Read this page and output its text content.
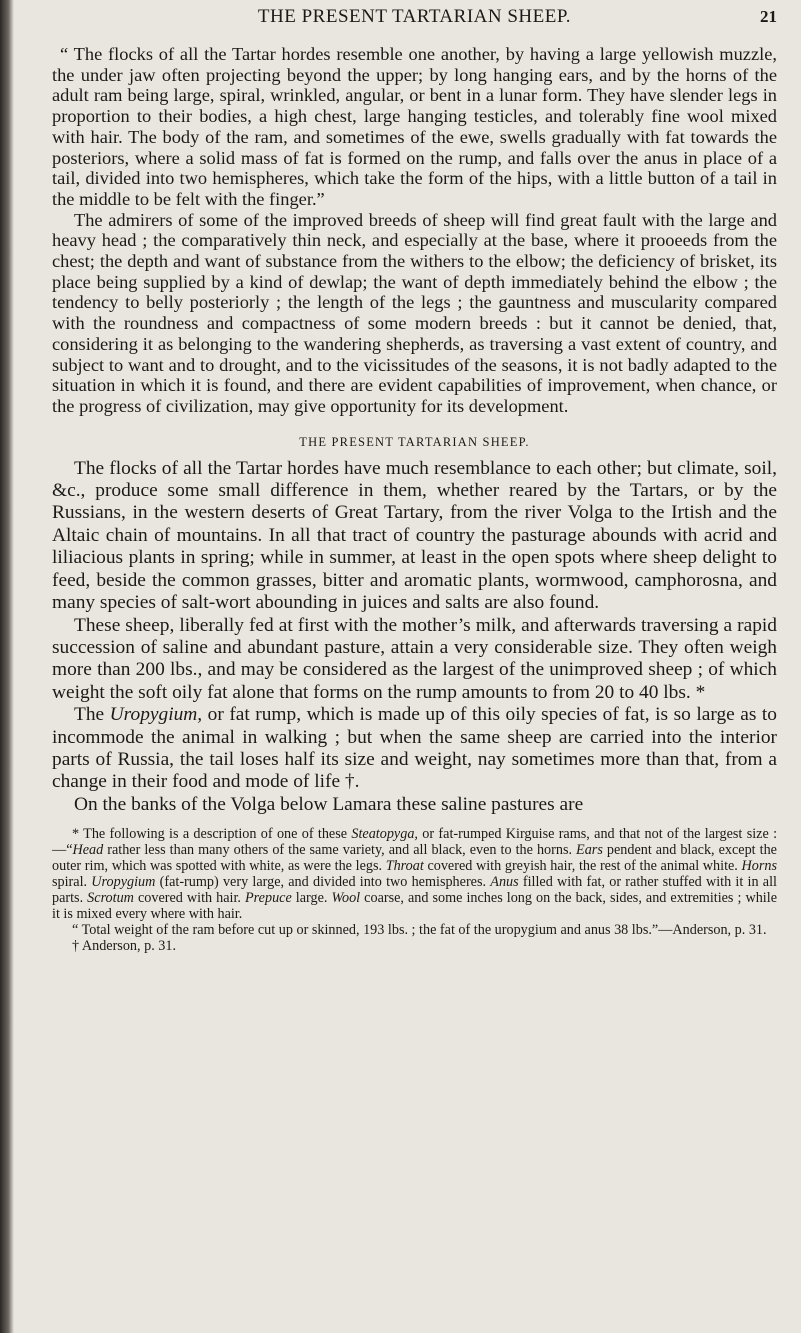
THE PRESENT TARTARIAN SHEEP.	21

“ The flocks of all the Tartar hordes resemble one another, by having a large yellowish muzzle, the under jaw often projecting beyond the upper; by long hanging ears, and by the horns of the adult ram being large, spiral, wrinkled, angular, or bent in a lunar form. They have slender legs in proportion to their bodies, a high chest, large hanging testicles, and tolerably fine wool mixed with hair. The body of the ram, and sometimes of the ewe, swells gradually with fat towards the posteriors, where a solid mass of fat is formed on the rump, and falls over the anus in place of a tail, divided into two hemispheres, which take the form of the hips, with a little button of a tail in the middle to be felt with the finger.”

The admirers of some of the improved breeds of sheep will find great fault with the large and heavy head ; the comparatively thin neck, and especially at the base, where it prooeeds from the chest; the depth and want of substance from the withers to the elbow; the deficiency of brisket, its place being supplied by a kind of dewlap; the want of depth immediately behind the elbow ; the tendency to belly posteriorly ; the length of the legs ; the gauntness and muscularity compared with the roundness and compactness of some modern breeds : but it cannot be denied, that, considering it as belonging to the wandering shepherds, as traversing a vast extent of country, and subject to want and to drought, and to the vicissitudes of the seasons, it is not badly adapted to the situation in which it is found, and there are evident capabilities of improvement, when chance, or the progress of civilization, may give opportunity for its development.

THE PRESENT TARTARIAN SHEEP.

The flocks of all the Tartar hordes have much resemblance to each other; but climate, soil, &c., produce some small difference in them, whether reared by the Tartars, or by the Russians, in the western deserts of Great Tartary, from the river Volga to the Irtish and the Altaic chain of mountains. In all that tract of country the pasturage abounds with acrid and liliacious plants in spring; while in summer, at least in the open spots where sheep delight to feed, beside the common grasses, bitter and aromatic plants, wormwood, camphorosna, and many species of salt-wort abounding in juices and salts are also found.

These sheep, liberally fed at first with the mother’s milk, and afterwards traversing a rapid succession of saline and abundant pasture, attain a very considerable size. They often weigh more than 200 lbs., and may be considered as the largest of the unimproved sheep ; of which weight the soft oily fat alone that forms on the rump amounts to from 20 to 40 lbs. *

The Uropygium, or fat rump, which is made up of this oily species of fat, is so large as to incommode the animal in walking ; but when the same sheep are carried into the interior parts of Russia, the tail loses half its size and weight, nay sometimes more than that, from a change in their food and mode of life †.

On the banks of the Volga below Lamara these saline pastures are

* The following is a description of one of these Steatopyga, or fat-rumped Kirguise rams, and that not of the largest size :—“Head rather less than many others of the same variety, and all black, even to the horns. Ears pendent and black, except the outer rim, which was spotted with white, as were the legs. Throat covered with greyish hair, the rest of the animal white. Horns spiral. Uropygium (fat-rump) very large, and divided into two hemispheres. Anus filled with fat, or rather stuffed with it in all parts. Scrotum covered with hair. Prepuce large. Wool coarse, and some inches long on the back, sides, and extremities ; while it is mixed every where with hair.

“ Total weight of the ram before cut up or skinned, 193 lbs. ; the fat of the uropygium and anus 38 lbs.”—Anderson, p. 31.

† Anderson, p. 31.
